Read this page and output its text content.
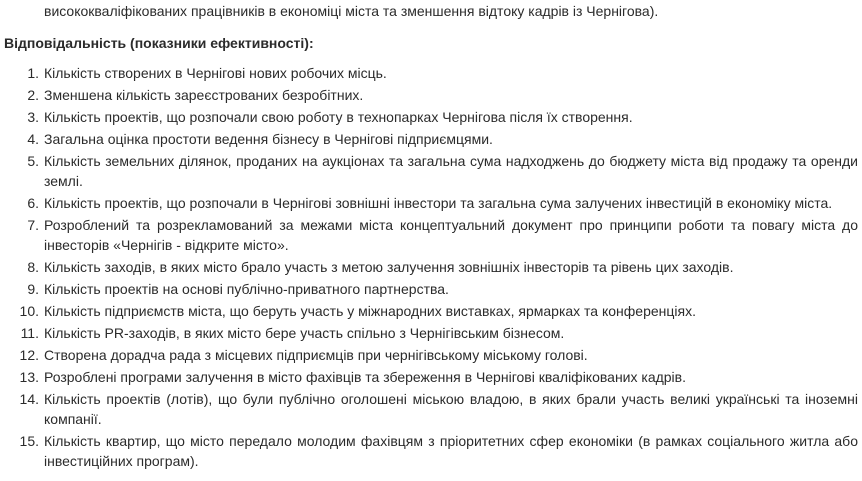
висококваліфікованих працівників в економіці міста та зменшення відтоку кадрів із Чернігова).
Відповідальність (показники ефективності):
1. Кількість створених в Чернігові нових робочих місць.
2. Зменшена кількість зареєстрованих безробітних.
3. Кількість проектів, що розпочали свою роботу в технопарках Чернігова після їх створення.
4. Загальна оцінка простоти ведення бізнесу в Чернігові підприємцями.
5. Кількість земельних ділянок, проданих на аукціонах та загальна сума надходжень до бюджету міста від продажу та оренди землі.
6. Кількість проектів, що розпочали в Чернігові зовнішні інвестори та загальна сума залучених інвестицій в економіку міста.
7. Розроблений та розрекламований за межами міста концептуальний документ про принципи роботи та повагу міста до інвесторів «Чернігів - відкрите місто».
8. Кількість заходів, в яких місто брало участь з метою залучення зовнішніх інвесторів та рівень цих заходів.
9. Кількість проектів на основі публічно-приватного партнерства.
10. Кількість підприємств міста, що беруть участь у міжнародних виставках, ярмарках та конференціях.
11. Кількість PR-заходів, в яких місто бере участь спільно з Чернігівським бізнесом.
12. Створена дорадча рада з місцевих підприємців при чернігівському міському голові.
13. Розроблені програми залучення в місто фахівців та збереження в Чернігові кваліфікованих кадрів.
14. Кількість проектів (лотів), що були публічно оголошені міською владою, в яких брали участь великі українські та іноземні компанії.
15. Кількість квартир, що місто передало молодим фахівцям з пріоритетних сфер економіки (в рамках соціального житла або інвестиційних програм).
